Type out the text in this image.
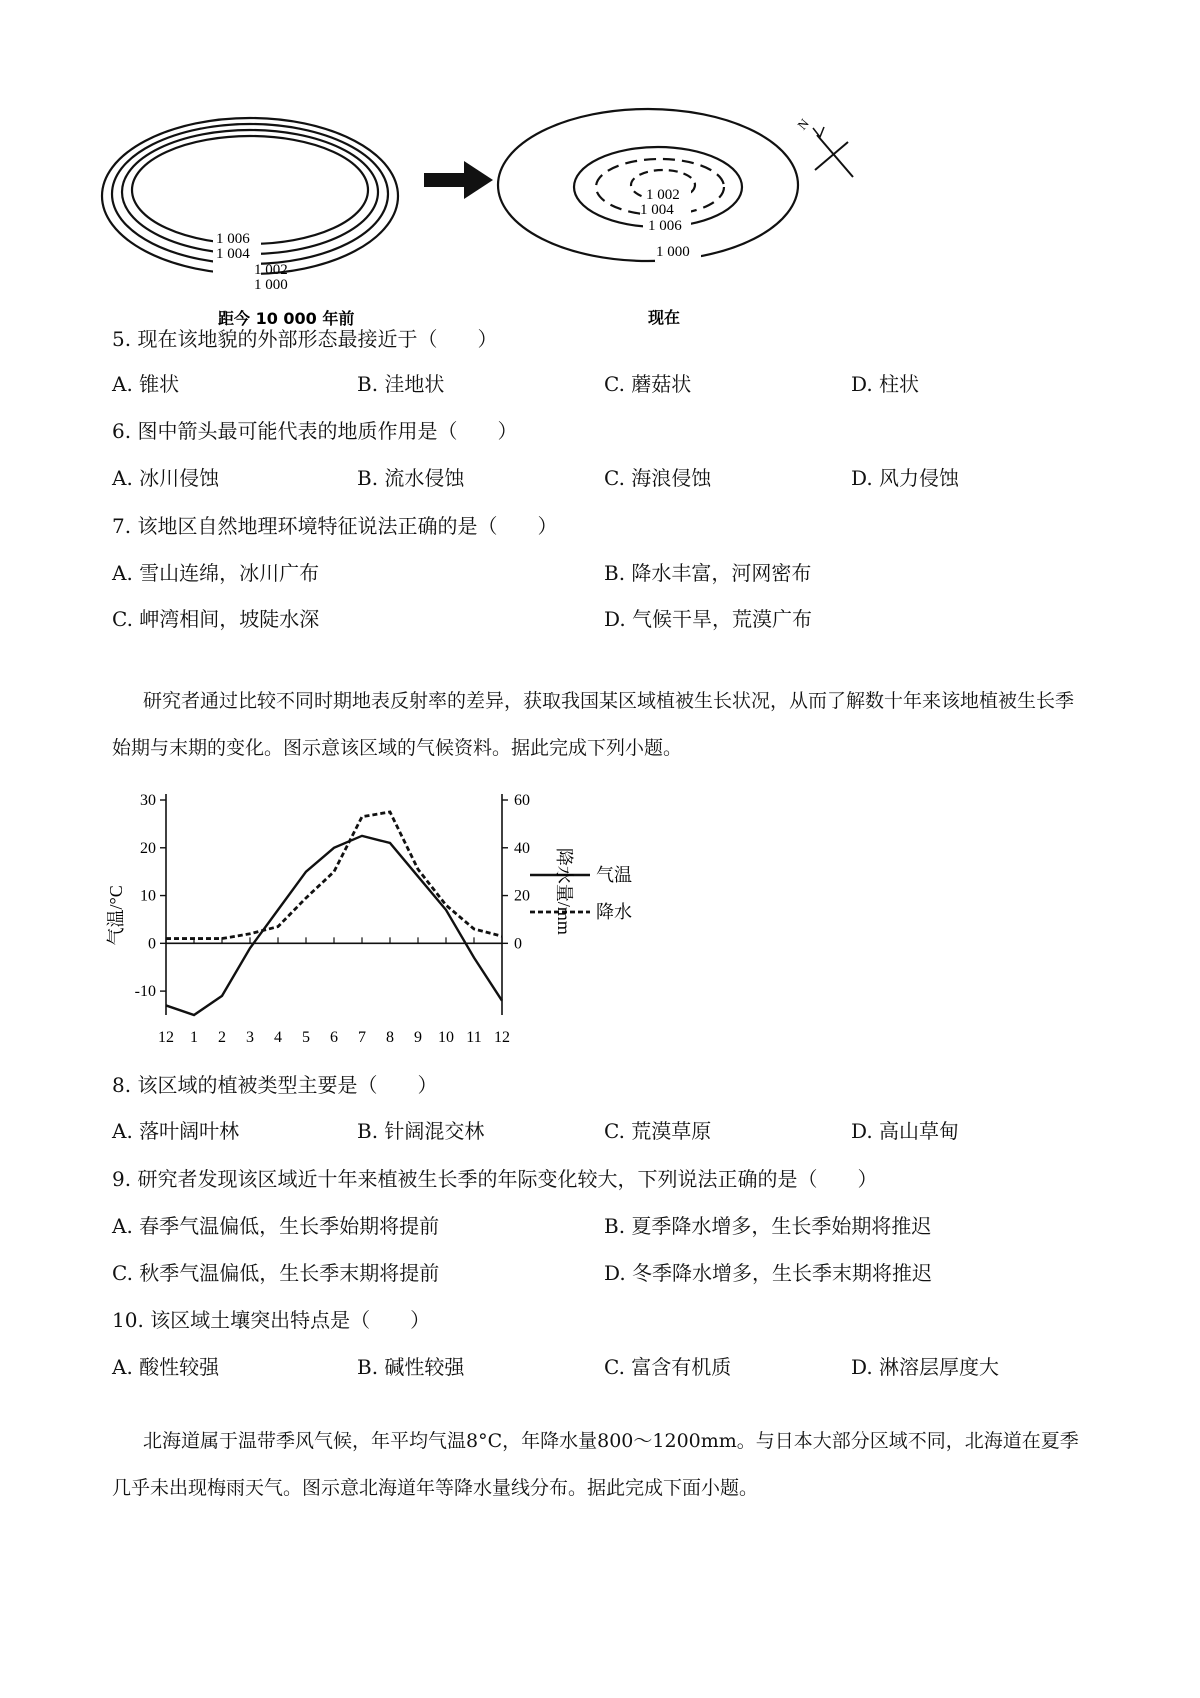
1 006
1 004
1 002
1 000
距今 10 000 年前
1 002
1 004
1 006
1 000
现在
N
5. 现在该地貌的外部形态最接近于（　　）
A. 锥状	B. 洼地状	C. 蘑菇状	D. 柱状
6. 图中箭头最可能代表的地质作用是（　　）
A. 冰川侵蚀	B. 流水侵蚀	C. 海浪侵蚀	D. 风力侵蚀
7. 该地区自然地理环境特征说法正确的是（　　）
A. 雪山连绵，冰川广布	B. 降水丰富，河网密布
C. 岬湾相间，坡陡水深	D. 气候干旱，荒漠广布
研究者通过比较不同时期地表反射率的差异，获取我国某区域植被生长状况，从而了解数十年来该地植被生长季始期与末期的变化。图示意该区域的气候资料。据此完成下列小题。
30
20
10
0
-10
60
40
20
0
12 1 2 3 4 5 6 7 8 9 10 11 12
气温/°C	降水量/mm 气温
降水
8. 该区域的植被类型主要是（　　）
A. 落叶阔叶林	B. 针阔混交林	C. 荒漠草原	D. 高山草甸
9. 研究者发现该区域近十年来植被生长季的年际变化较大，下列说法正确的是（　　）
A. 春季气温偏低，生长季始期将提前	B. 夏季降水增多，生长季始期将推迟
C. 秋季气温偏低，生长季末期将提前	D. 冬季降水增多，生长季末期将推迟
10. 该区域土壤突出特点是（　　）
A. 酸性较强	B. 碱性较强	C. 富含有机质	D. 淋溶层厚度大
北海道属于温带季风气候，年平均气温8°C，年降水量800～1200mm。与日本大部分区域不同，北海道在夏季几乎未出现梅雨天气。图示意北海道年等降水量线分布。据此完成下面小题。
